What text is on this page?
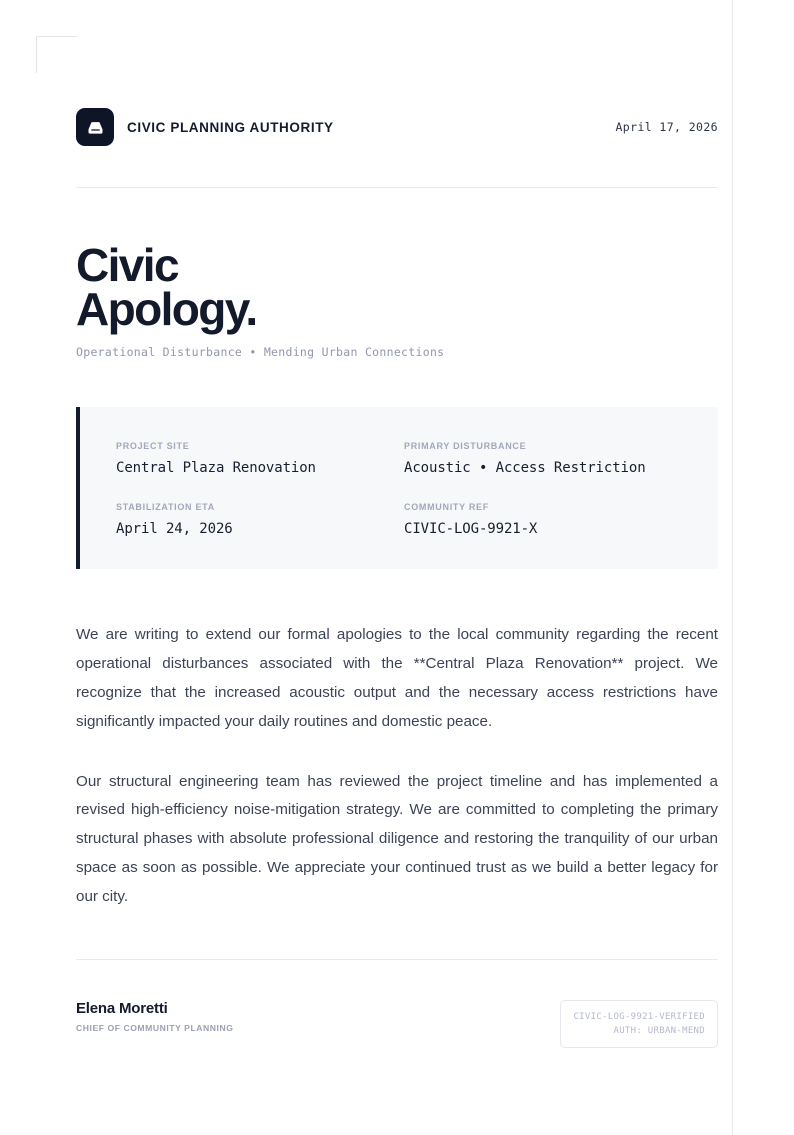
CIVIC PLANNING AUTHORITY	April 17, 2026
Civic
Apology.
Operational Disturbance • Mending Urban Connections
PROJECT SITE
Central Plaza Renovation
PRIMARY DISTURBANCE
Acoustic • Access Restriction
STABILIZATION ETA
April 24, 2026
COMMUNITY REF
CIVIC-LOG-9921-X

We are writing to extend our formal apologies to the local community regarding the recent operational disturbances associated with the **Central Plaza Renovation** project. We recognize that the increased acoustic output and the necessary access restrictions have significantly impacted your daily routines and domestic peace.

Our structural engineering team has reviewed the project timeline and has implemented a revised high-efficiency noise-mitigation strategy. We are committed to completing the primary structural phases with absolute professional diligence and restoring the tranquility of our urban space as soon as possible. We appreciate your continued trust as we build a better legacy for our city.

Elena Moretti
CHIEF OF COMMUNITY PLANNING
CIVIC-LOG-9921-VERIFIED
AUTH: URBAN-MEND
